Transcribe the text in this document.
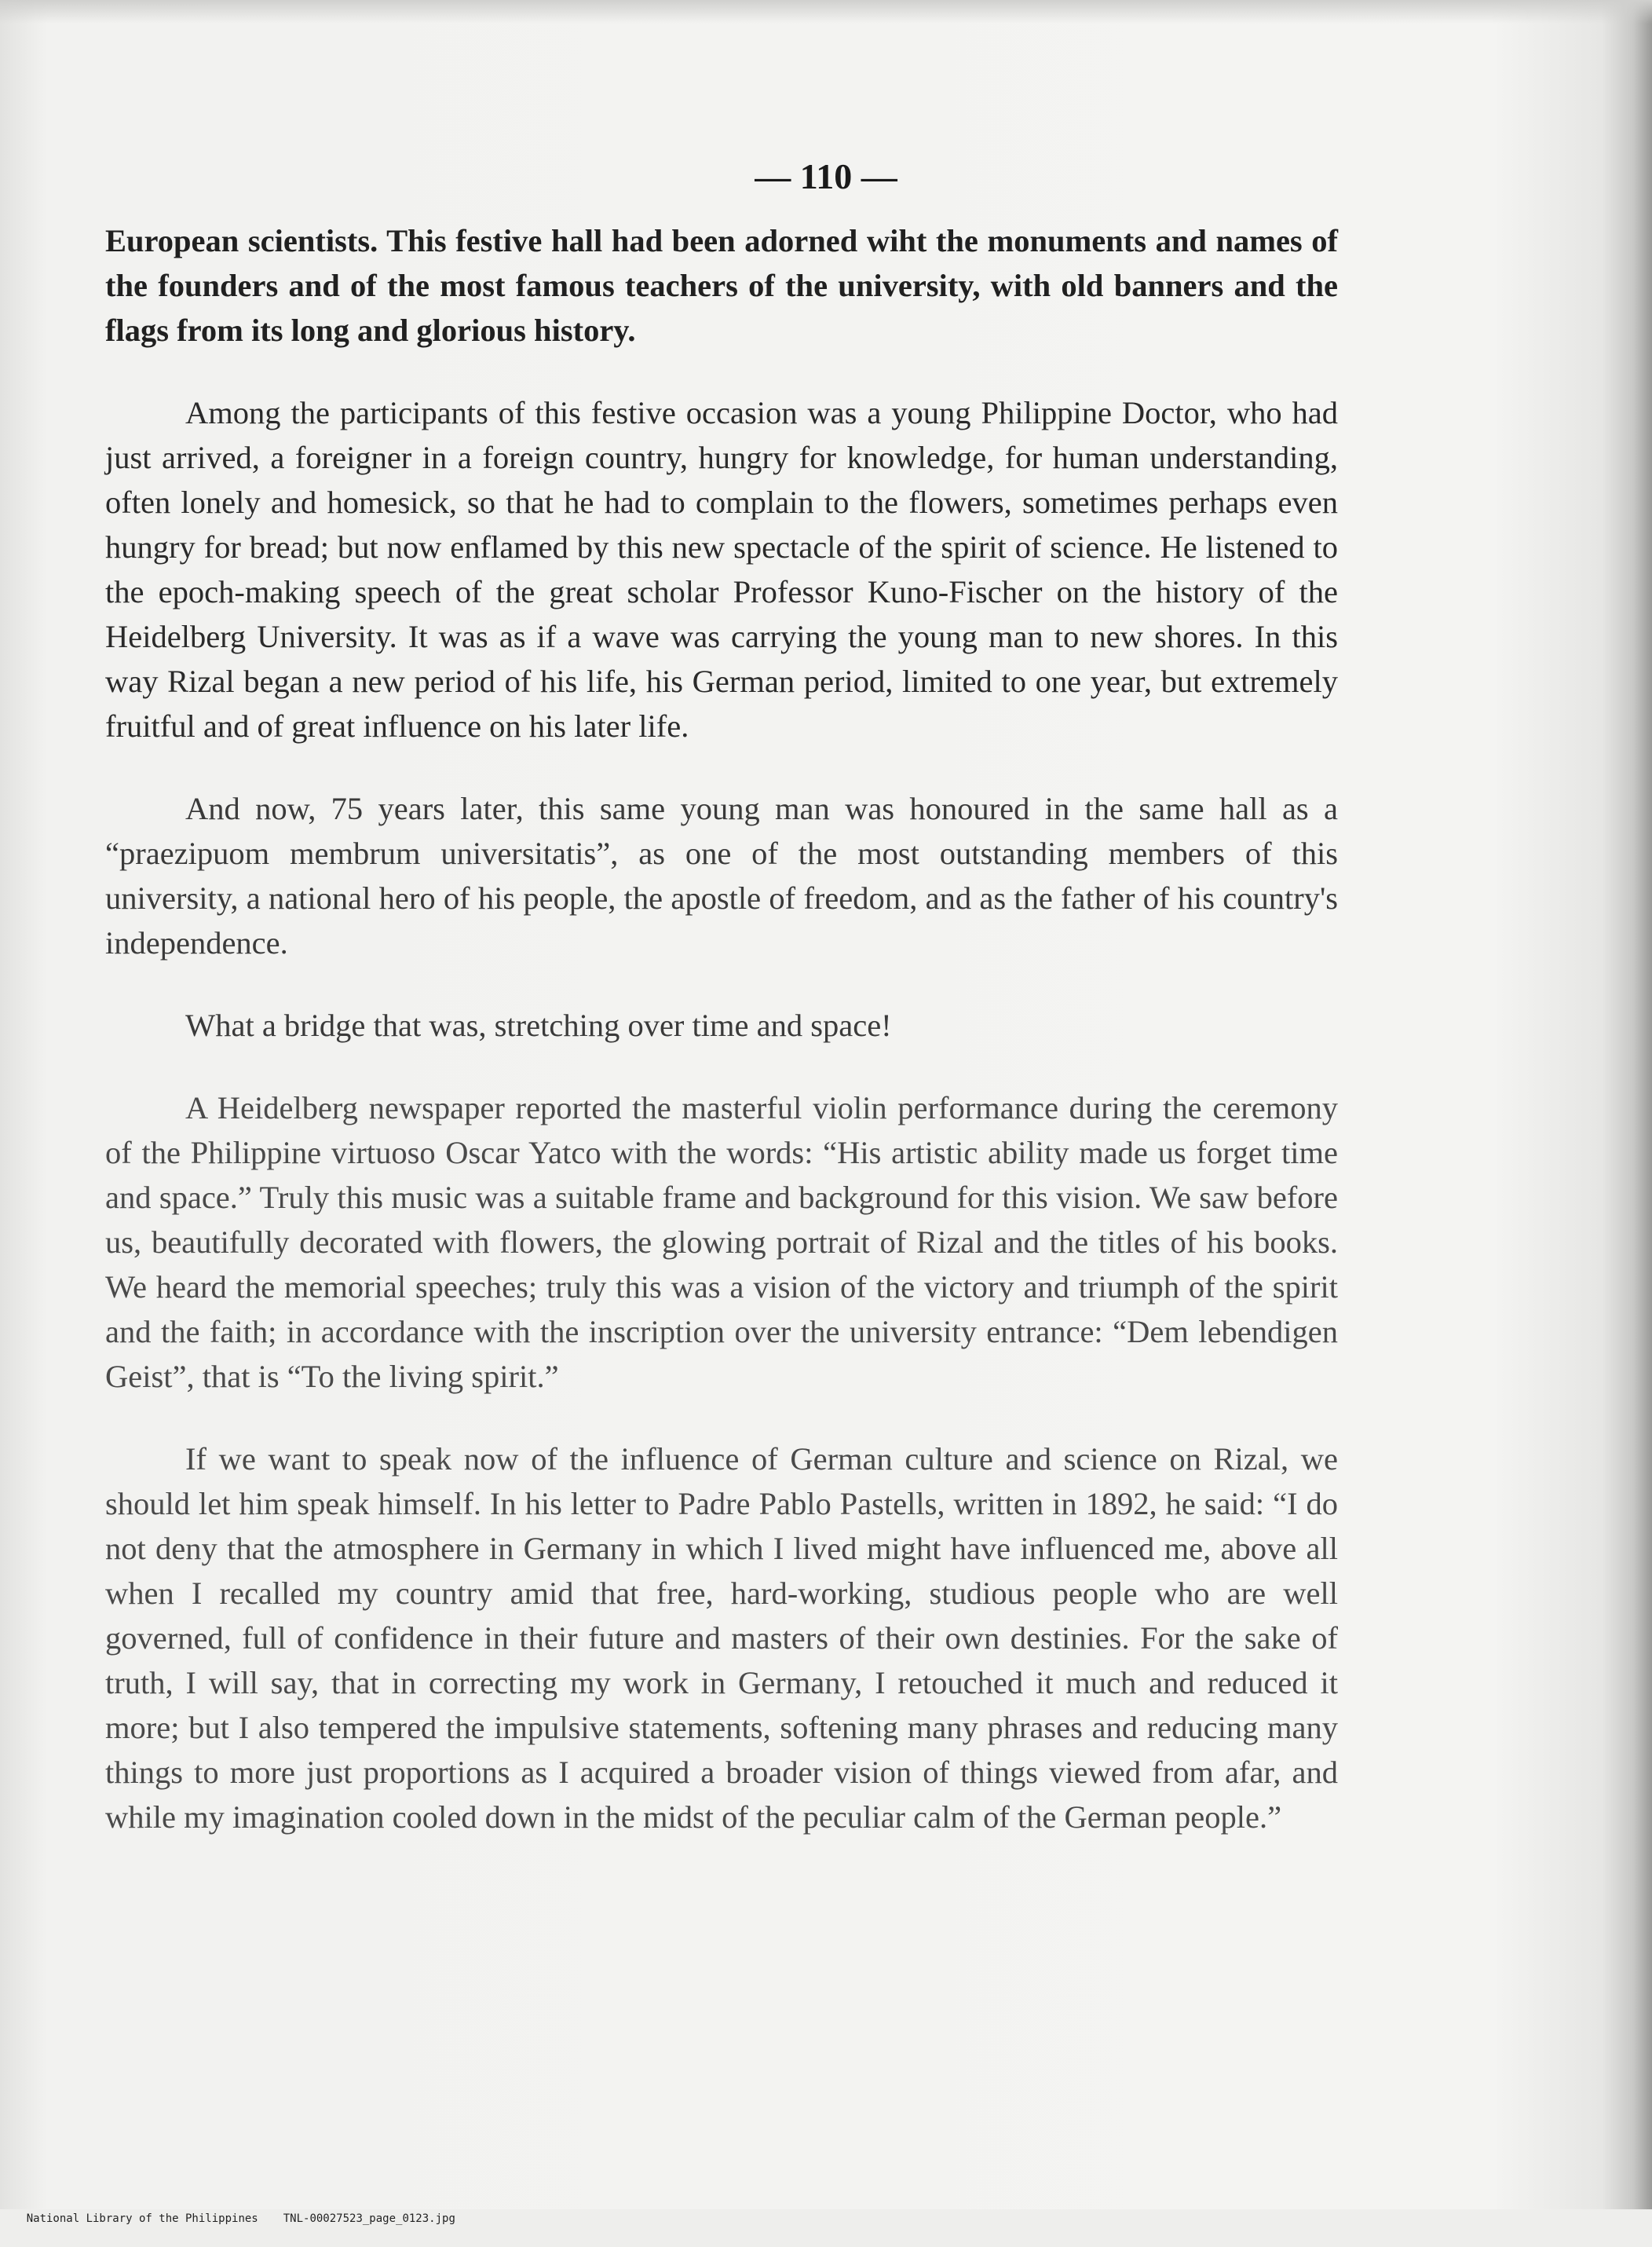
— 110 —

European scientists. This festive hall had been adorned wiht the monuments and names of the founders and of the most famous teachers of the university, with old banners and the flags from its long and glorious history.

Among the participants of this festive occasion was a young Philippine Doctor, who had just arrived, a foreigner in a foreign country, hungry for knowledge, for human understanding, often lonely and homesick, so that he had to complain to the flowers, sometimes perhaps even hungry for bread; but now enflamed by this new spectacle of the spirit of science. He listened to the epoch-making speech of the great scholar Professor Kuno-Fischer on the history of the Heidelberg University. It was as if a wave was carrying the young man to new shores. In this way Rizal began a new period of his life, his German period, limited to one year, but extremely fruitful and of great influence on his later life.

And now, 75 years later, this same young man was honoured in the same hall as a “praezipuom membrum universitatis”, as one of the most outstanding members of this university, a national hero of his people, the apostle of freedom, and as the father of his country's independence.

What a bridge that was, stretching over time and space!

A Heidelberg newspaper reported the masterful violin performance during the ceremony of the Philippine virtuoso Oscar Yatco with the words: “His artistic ability made us forget time and space.” Truly this music was a suitable frame and background for this vision. We saw before us, beautifully decorated with flowers, the glowing portrait of Rizal and the titles of his books. We heard the memorial speeches; truly this was a vision of the victory and triumph of the spirit and the faith; in accordance with the inscription over the university entrance: “Dem lebendigen Geist”, that is “To the living spirit.”

If we want to speak now of the influence of German culture and science on Rizal, we should let him speak himself. In his letter to Padre Pablo Pastells, written in 1892, he said: “I do not deny that the atmosphere in Germany in which I lived might have influenced me, above all when I recalled my country amid that free, hard-working, studious people who are well governed, full of confidence in their future and masters of their own destinies. For the sake of truth, I will say, that in correcting my work in Germany, I retouched it much and reduced it more; but I also tempered the impulsive statements, softening many phrases and reducing many things to more just proportions as I acquired a broader vision of things viewed from afar, and while my imagination cooled down in the midst of the peculiar calm of the German people.”

National Library of the Philippines TNL-00027523_page_0123.jpg
